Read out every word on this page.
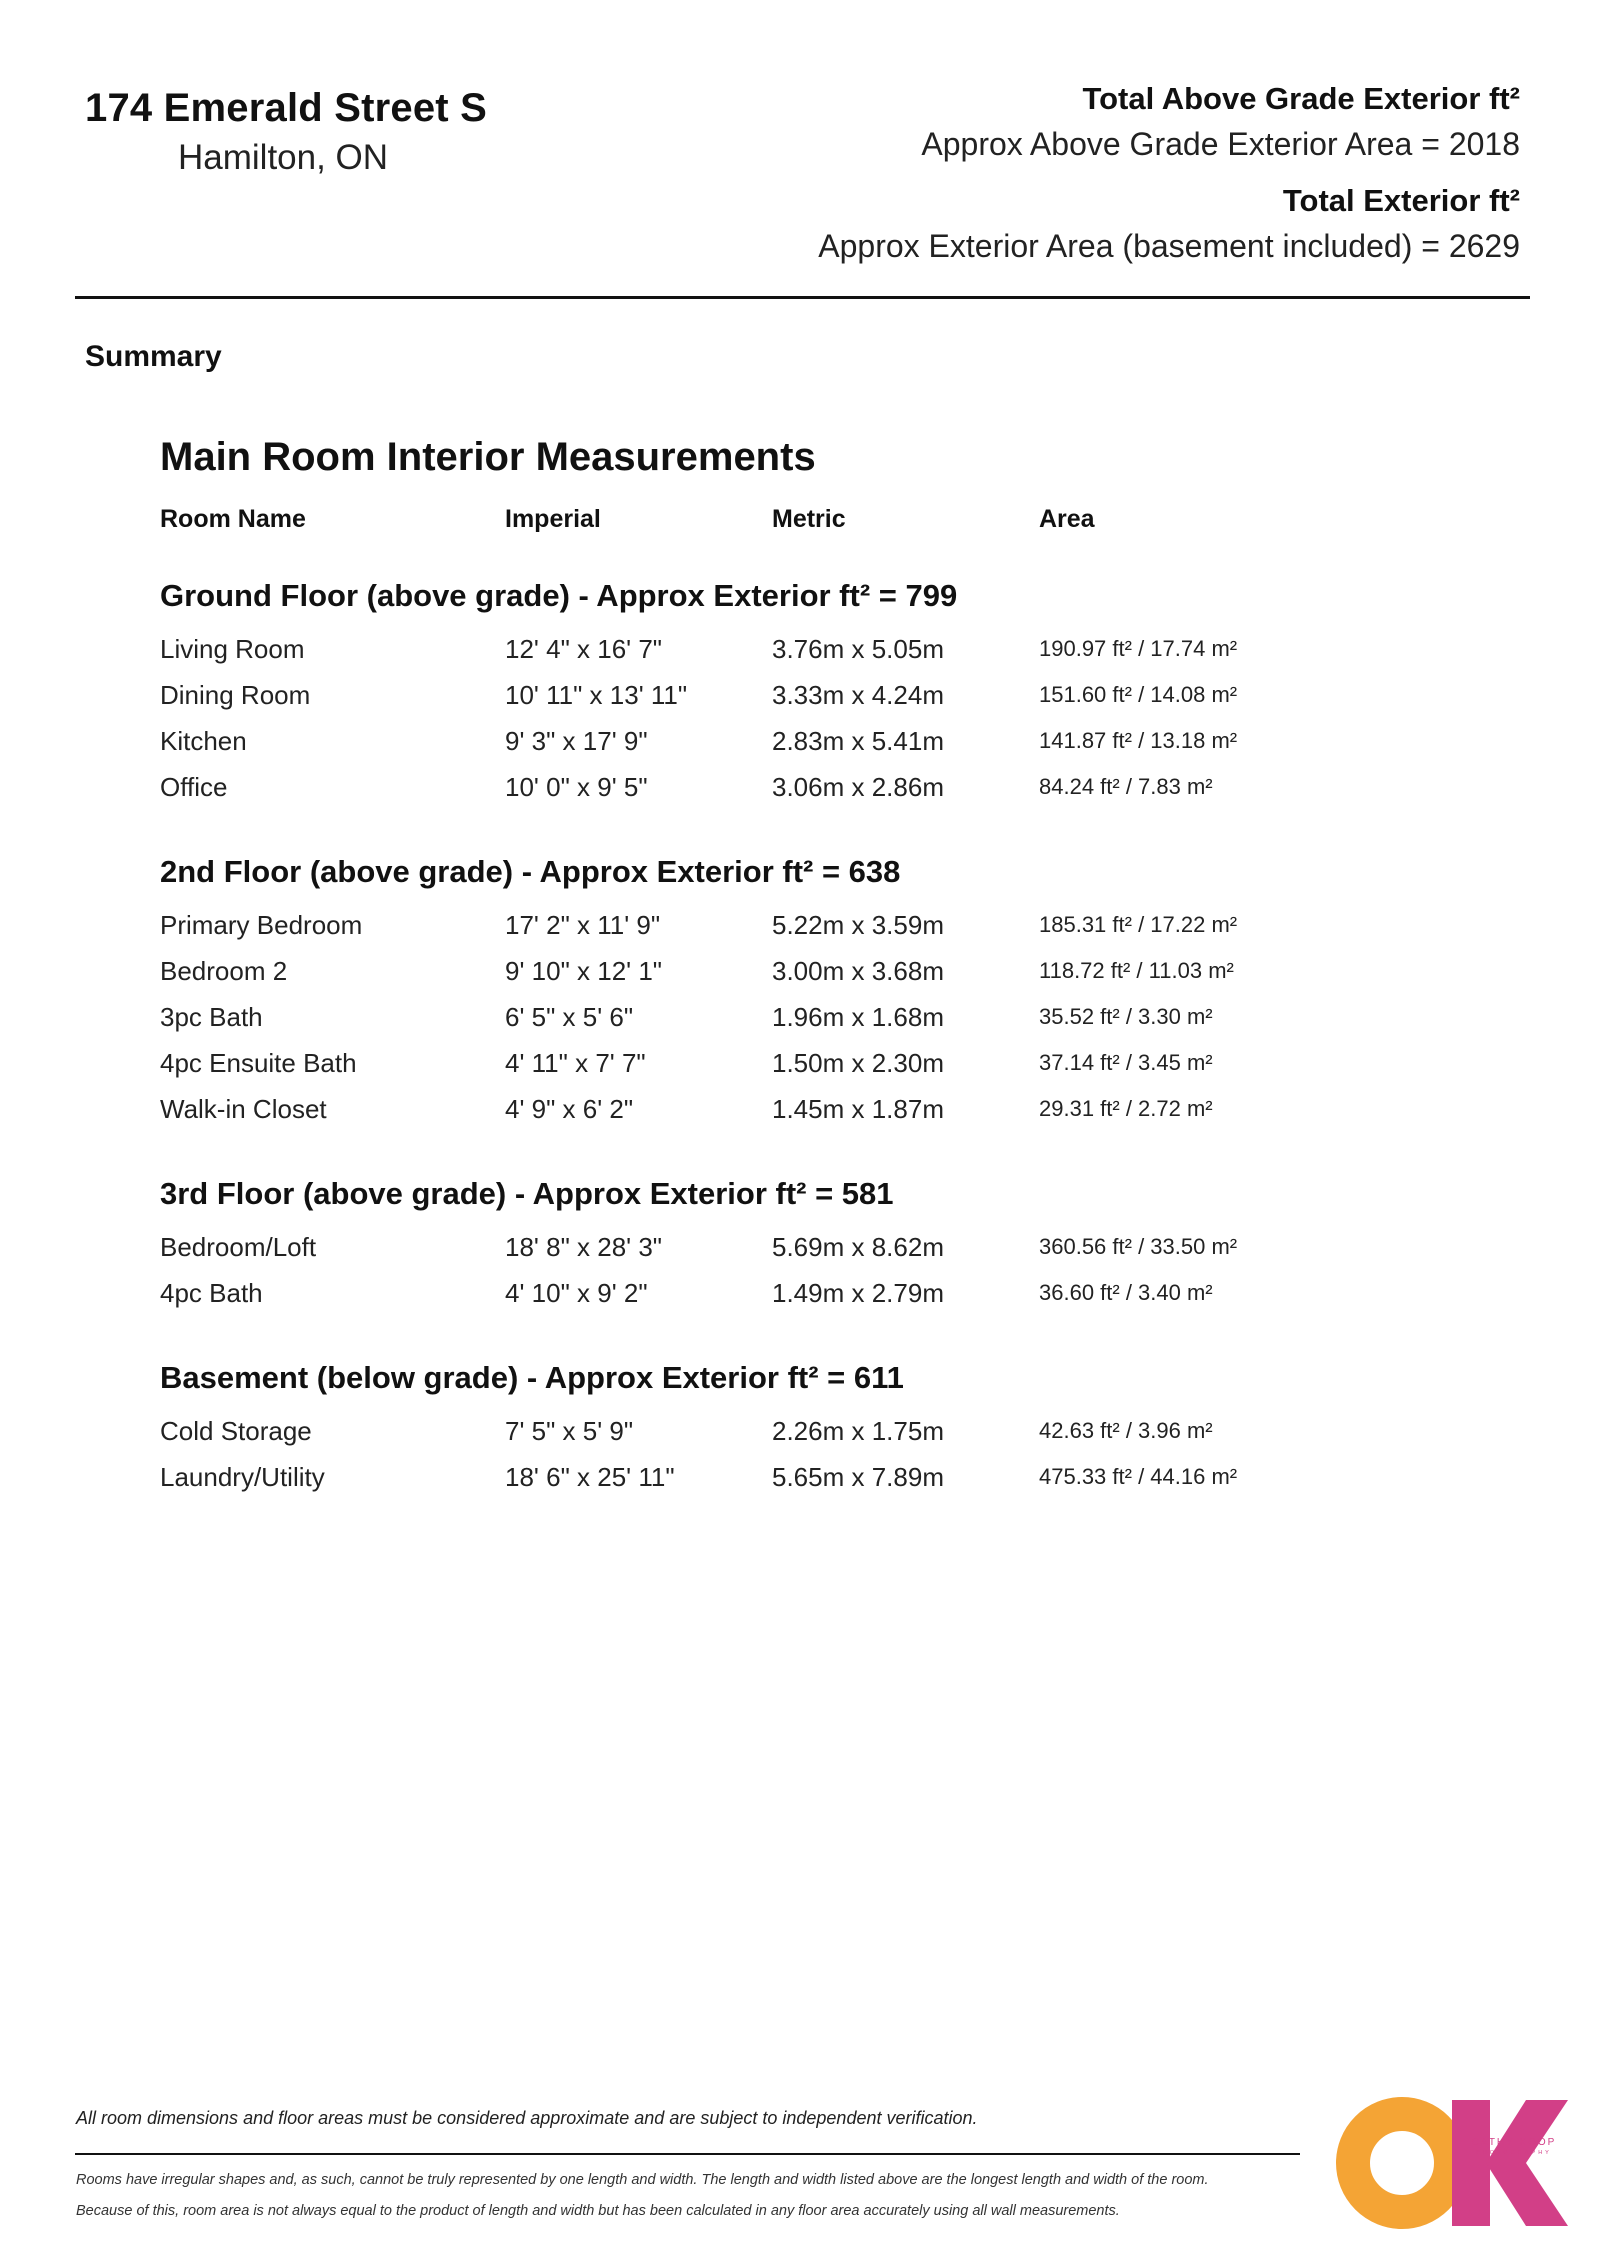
174 Emerald Street S
Hamilton, ON
Total Above Grade Exterior ft²
Approx Above Grade Exterior Area = 2018
Total Exterior ft²
Approx Exterior Area (basement included) = 2629
Summary
Main Room Interior Measurements
Room Name	Imperial	Metric	Area
Ground Floor (above grade) - Approx Exterior ft² = 799
Living Room	12' 4" x 16' 7"	3.76m x 5.05m	190.97 ft² / 17.74 m²
Dining Room	10' 11" x 13' 11"	3.33m x 4.24m	151.60 ft² / 14.08 m²
Kitchen	9' 3" x 17' 9"	2.83m x 5.41m	141.87 ft² / 13.18 m²
Office	10' 0" x 9' 5"	3.06m x 2.86m	84.24 ft² / 7.83 m²
2nd Floor (above grade) - Approx Exterior ft² = 638
Primary Bedroom	17' 2" x 11' 9"	5.22m x 3.59m	185.31 ft² / 17.22 m²
Bedroom 2	9' 10" x 12' 1"	3.00m x 3.68m	118.72 ft² / 11.03 m²
3pc Bath	6' 5" x 5' 6"	1.96m x 1.68m	35.52 ft² / 3.30 m²
4pc Ensuite Bath	4' 11" x 7' 7"	1.50m x 2.30m	37.14 ft² / 3.45 m²
Walk-in Closet	4' 9" x 6' 2"	1.45m x 1.87m	29.31 ft² / 2.72 m²
3rd Floor (above grade) - Approx Exterior ft² = 581
Bedroom/Loft	18' 8" x 28' 3"	5.69m x 8.62m	360.56 ft² / 33.50 m²
4pc Bath	4' 10" x 9' 2"	1.49m x 2.79m	36.60 ft² / 3.40 m²
Basement (below grade) - Approx Exterior ft² = 611
Cold Storage	7' 5" x 5' 9"	2.26m x 1.75m	42.63 ft² / 3.96 m²
Laundry/Utility	18' 6" x 25' 11"	5.65m x 7.89m	475.33 ft² / 44.16 m²
All room dimensions and floor areas must be considered approximate and are subject to independent verification.
Rooms have irregular shapes and, as such, cannot be truly represented by one length and width. The length and width listed above are the longest length and width of the room.
Because of this, room area is not always equal to the product of length and width but has been calculated in any floor area accurately using all wall measurements.
CATHY KOOP
PHOTOGRAPHY
